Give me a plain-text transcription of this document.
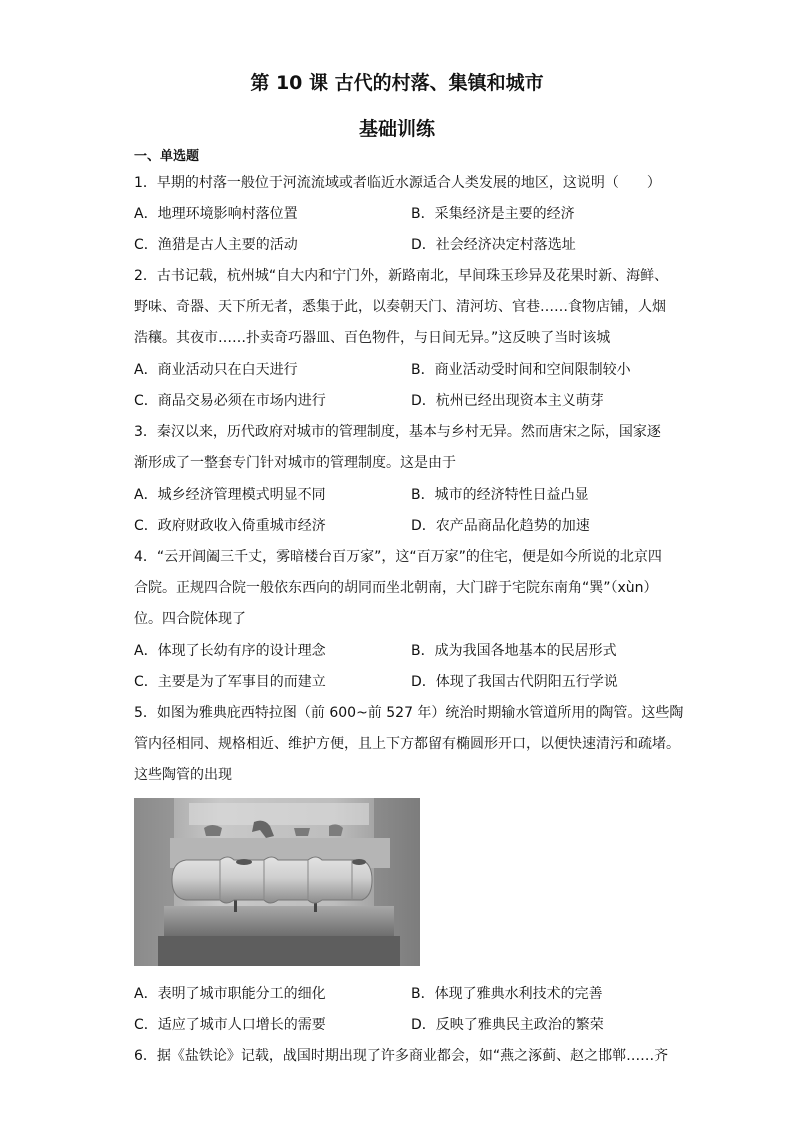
第 10 课 古代的村落、集镇和城市
基础训练
一、单选题
1．早期的村落一般位于河流流域或者临近水源适合人类发展的地区，这说明（　　）
A．地理环境影响村落位置	B．采集经济是主要的经济
C．渔猎是古人主要的活动	D．社会经济决定村落选址
2．古书记载，杭州城“自大内和宁门外，新路南北，早间珠玉珍异及花果时新、海鲜、
野味、奇器、天下所无者，悉集于此，以奏朝天门、清河坊、官巷……食物店铺，人烟
浩穰。其夜市……扑卖奇巧器皿、百色物件，与日间无异。”这反映了当时该城
A．商业活动只在白天进行	B．商业活动受时间和空间限制较小
C．商品交易必须在市场内进行	D．杭州已经出现资本主义萌芽
3．秦汉以来，历代政府对城市的管理制度，基本与乡村无异。然而唐宋之际，国家逐
渐形成了一整套专门针对城市的管理制度。这是由于
A．城乡经济管理模式明显不同	B．城市的经济特性日益凸显
C．政府财政收入倚重城市经济	D．农产品商品化趋势的加速
4．“云开阊阖三千丈，雾暗楼台百万家”，这“百万家”的住宅，便是如今所说的北京四
合院。正规四合院一般依东西向的胡同而坐北朝南，大门辟于宅院东南角“巽”（xùn）
位。四合院体现了
A．体现了长幼有序的设计理念	B．成为我国各地基本的民居形式
C．主要是为了军事目的而建立	D．体现了我国古代阴阳五行学说
5．如图为雅典庇西特拉图（前 600~前 527 年）统治时期输水管道所用的陶管。这些陶
管内径相同、规格相近、维护方便，且上下方都留有椭圆形开口，以便快速清污和疏堵。
这些陶管的出现
A．表明了城市职能分工的细化	B．体现了雅典水利技术的完善
C．适应了城市人口增长的需要	D．反映了雅典民主政治的繁荣
6．据《盐铁论》记载，战国时期出现了许多商业都会，如“燕之涿蓟、赵之邯郸……齐
